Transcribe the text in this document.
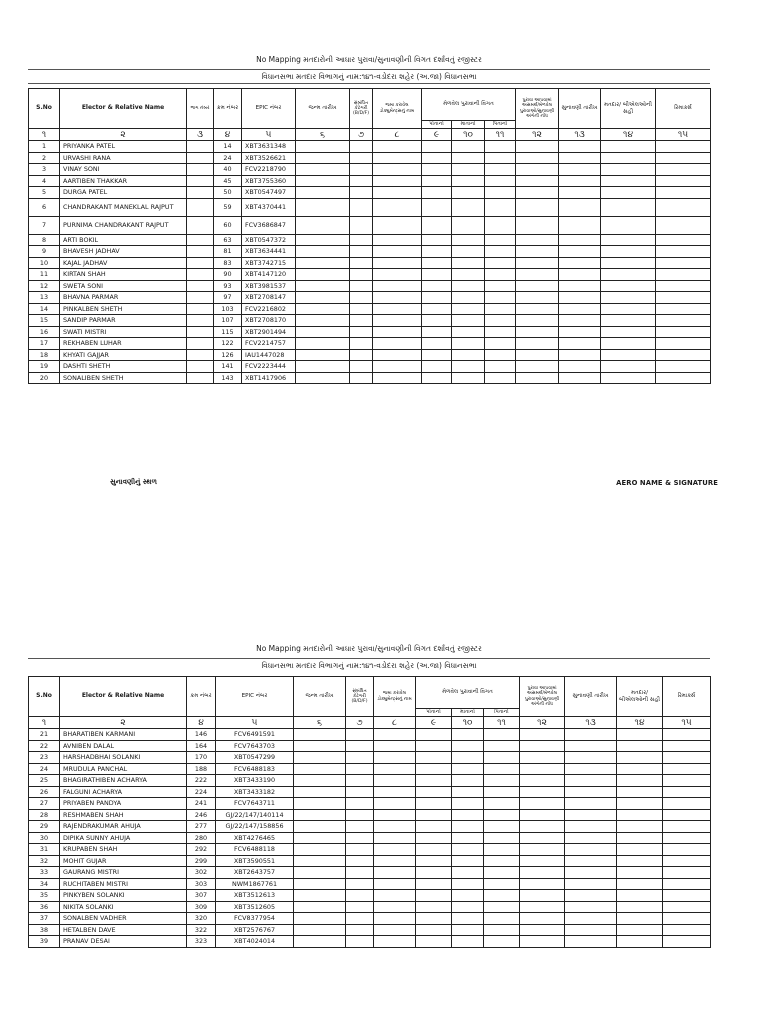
No Mapping મતદારોની આધાર પુરાવા/સુનાવણીની વિગત દર્શાવતું રજીસ્ટર
વિધાનસભા મતદાર વિભાગનું નામ:૧૪૧-વડોદરા શહેર (અ.જા) વિધાનસભા
S.No	Elector & Relative Name	ભાગ નંબર	ક્રમ નંબર	EPIC નંબર	જન્મ તારીખ	સંબંધિત કેટેગરી (B/D/F)	જમા કરાવેલ ડોક્યુમેન્ટ્સનું નામ	મેળવેલ પુરાવાની વિગત			પુરાવા આપવામાં અસમર્થ/મેળવેલ પુરાવાઓ/સુનાવણી અંગેની નોંધ	સુનાવણી તારીખ	મતદાર/ બીએલઓની સહી	રિમાર્ક્સ
								પોતાનો	માતાનો	પિતાનો				
૧	૨	૩	૪	૫	૬	૭	૮	૯	૧૦	૧૧	૧૨	૧૩	૧૪	૧૫
1	PRIYANKA PATEL		14	XBT3631348										
2	URVASHI RANA		24	XBT3526621										
3	VINAY SONI		40	FCV2218790										
4	AARTIBEN THAKKAR		45	XBT3755360										
5	DURGA PATEL		50	XBT0547497										
6	CHANDRAKANT MANEKLAL RAJPUT		59	XBT4370441										
7	PURNIMA CHANDRAKANT RAJPUT		60	FCV3686847										
8	ARTI BOKIL		63	XBT0547372										
9	BHAVESH JADHAV		81	XBT3634441										
10	KAJAL JADHAV		83	XBT3742715										
11	KIRTAN SHAH		90	XBT4147120										
12	SWETA SONI		93	XBT3981537										
13	BHAVNA PARMAR		97	XBT2708147										
14	PINKALBEN SHETH		103	FCV2216802										
15	SANDIP PARMAR		107	XBT2708170										
16	SWATI MISTRI		115	XBT2901494										
17	REKHABEN LUHAR		122	FCV2214757										
18	KHYATI GAJJAR		126	IAU1447028										
19	DASHTI SHETH		141	FCV2223444										
20	SONALIBEN SHETH		143	XBT1417906										
સુનાવણીનું સ્થળ	AERO NAME & SIGNATURE
No Mapping મતદારોની આધાર પુરાવા/સુનાવણીની વિગત દર્શાવતું રજીસ્ટર
વિધાનસભા મતદાર વિભાગનું નામ:૧૪૧-વડોદરા શહેર (અ.જા) વિધાનસભા
S.No	Elector & Relative Name	ક્રમ નંબર	EPIC નંબર	જન્મ તારીખ	સંબંધિત કેટેગરી (B/D/F)	જમા કરાવેલ ડોક્યુમેન્ટ્સનું નામ	મેળવેલ પુરાવાની વિગત			પુરાવા આપવામાં અસમર્થ/મેળવેલ પુરાવાઓ/સુનાવણી અંગેની નોંધ	સુનાવણી તારીખ	મતદાર/ બીએલઓની સહી	રિમાર્ક્સ
							પોતાનો	માતાનો	પિતાનો				
૧	૨	૪	૫	૬	૭	૮	૯	૧૦	૧૧	૧૨	૧૩	૧૪	૧૫
21	BHARATIBEN KARMANI	146	FCV6491591										
22	AVNIBEN DALAL	164	FCV7643703										
23	HARSHADBHAI SOLANKI	170	XBT0547299										
24	MRUDULA PANCHAL	188	FCV6488183										
25	BHAGIRATHIBEN ACHARYA	222	XBT3433190										
26	FALGUNI ACHARYA	224	XBT3433182										
27	PRIYABEN PANDYA	241	FCV7643711										
28	RESHMABEN SHAH	246	GJ/22/147/140114										
29	RAJENDRAKUMAR AHUJA	277	GJ/22/147/158856										
30	DIPIKA SUNNY AHUJA	280	XBT4276465										
31	KRUPABEN SHAH	292	FCV6488118										
32	MOHIT GUJAR	299	XBT3590551										
33	GAURANG MISTRI	302	XBT2643757										
34	RUCHITABEN MISTRI	303	NWM1867761										
35	PINKYBEN SOLANKI	307	XBT3512613										
36	NIKITA SOLANKI	309	XBT3512605										
37	SONALBEN VADHER	320	FCV8377954										
38	HETALBEN DAVE	322	XBT2576767										
39	PRANAV DESAI	323	XBT4024014										
